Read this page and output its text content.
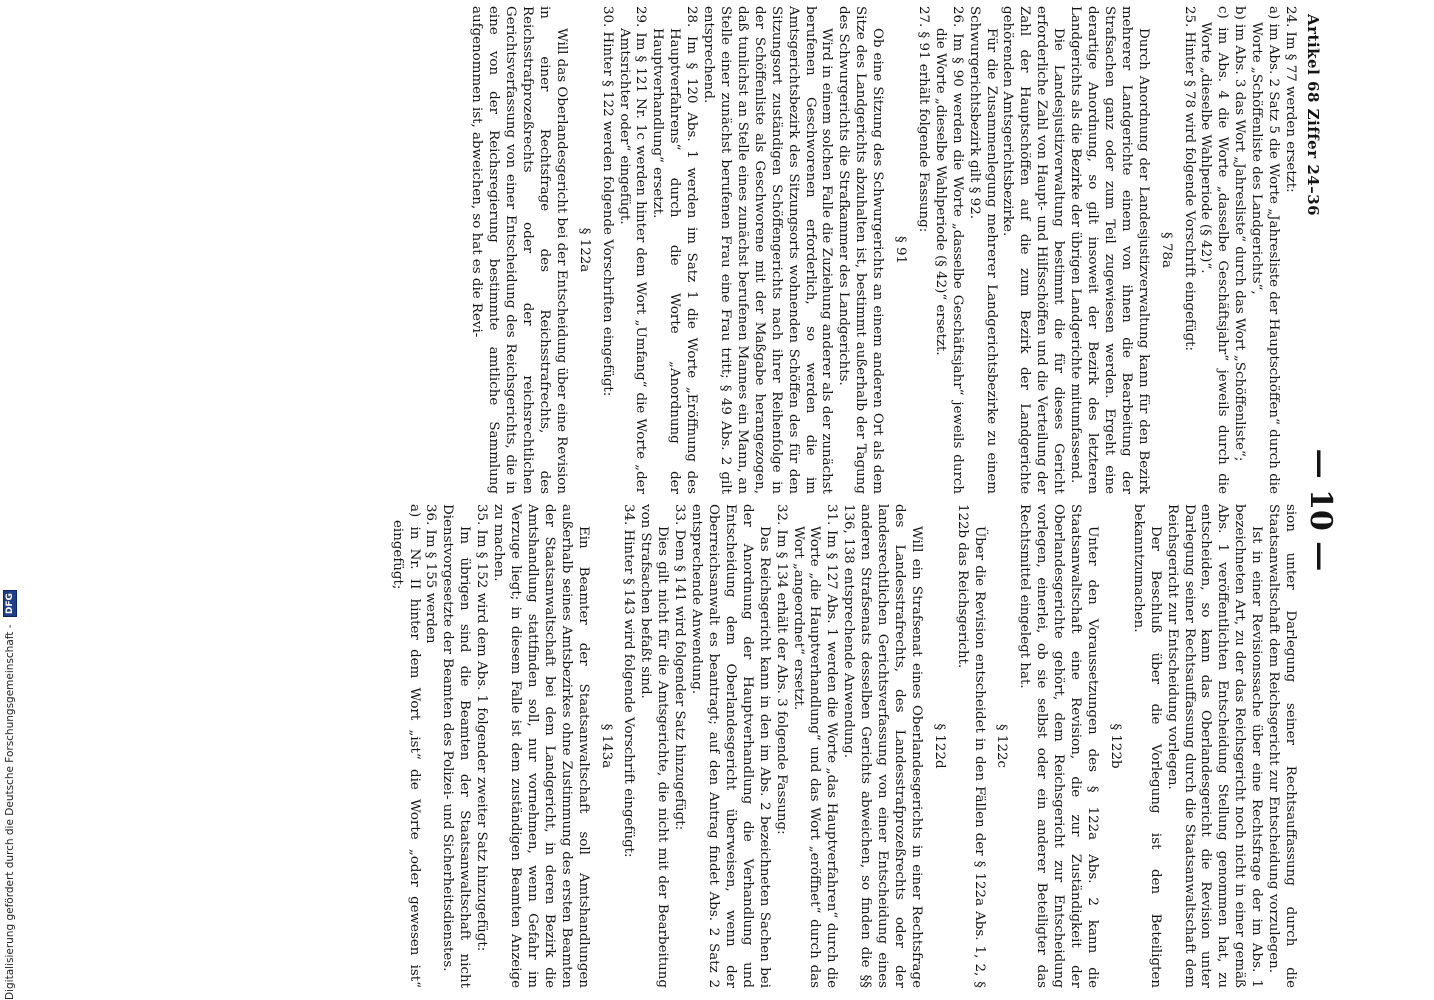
Artikel 68 Ziffer 24–36
— 10 —

24. Im § 77 werden ersetzt:

a) im Abs. 2 Satz 5 die Worte „Jahresliste der Hauptschöffen“ durch die Worte „Schöffenliste des Landgerichts“,

b) im Abs. 3 das Wort „Jahresliste“ durch das Wort „Schöffenliste“;

c) im Abs. 4 die Worte „dasselbe Geschäftsjahr“ jeweils durch die Worte „dieselbe Wahlperiode (§ 42)“.

25. Hinter § 78 wird folgende Vorschrift eingefügt:

§ 78a

Durch Anordnung der Landesjustizverwaltung kann für den Bezirk mehrerer Landgerichte einem von ihnen die Bearbeitung der Strafsachen ganz oder zum Teil zugewiesen werden. Ergeht eine derartige Anordnung, so gilt insoweit der Bezirk des letzteren Landgerichts als die Bezirke der übrigen Landgerichte mitumfassend.

Die Landesjustizverwaltung bestimmt die für dieses Gericht erforderliche Zahl von Haupt- und Hilfsschöffen und die Verteilung der Zahl der Hauptschöffen auf die zum Bezirk der Landgerichte gehörenden Amtsgerichtsbezirke.

Für die Zusammenlegung mehrerer Landgerichtsbezirke zu einem Schwurgerichtsbezirk gilt § 92.

26. Im § 90 werden die Worte „dasselbe Geschäftsjahr“ jeweils durch die Worte „dieselbe Wahlperiode (§ 42)“ ersetzt.

27. § 91 erhält folgende Fassung:

§ 91

Ob eine Sitzung des Schwurgerichts an einem anderen Ort als dem Sitze des Landgerichts abzuhalten ist, bestimmt außerhalb der Tagung des Schwurgerichts die Strafkammer des Landgerichts.

Wird in einem solchen Falle die Zuziehung anderer als der zunächst berufenen Geschworenen erforderlich, so werden die im Amtsgerichtsbezirk des Sitzungsorts wohnenden Schöffen des für den Sitzungsort zuständigen Schöffengerichts nach ihrer Reihenfolge in der Schöffenliste als Geschworene mit der Maßgabe herangezogen, daß tunlichst an Stelle eines zunächst berufenen Mannes ein Mann, an Stelle einer zunächst berufenen Frau eine Frau tritt; § 49 Abs. 2 gilt entsprechend.

28. Im § 120 Abs. 1 werden im Satz 1 die Worte „Eröffnung des Hauptverfahrens“ durch die Worte „Anordnung der Hauptverhandlung“ ersetzt.

29. Im § 121 Nr. 1c werden hinter dem Wort „Umfang“ die Worte „der Amtsrichter oder“ eingefügt.

30. Hinter § 122 werden folgende Vorschriften eingefügt:

§ 122a

Will das Oberlandesgericht bei der Entscheidung über eine Revision in einer Rechtsfrage des Reichsstrafrechts, des Reichsstrafprozeßrechts oder der reichsrechtlichen Gerichtsverfassung von einer Entscheidung des Reichsgerichts, die in eine von der Reichsregierung bestimmte amtliche Sammlung aufgenommen ist, abweichen, so hat es die Revi-

sion unter Darlegung seiner Rechtsauffassung durch die Staatsanwaltschaft dem Reichsgericht zur Entscheidung vorzulegen.

Ist in einer Revisionssache über eine Rechtsfrage der im Abs. 1 bezeichneten Art, zu der das Reichsgericht noch nicht in einer gemäß Abs. 1 veröffentlichten Entscheidung Stellung genommen hat, zu entscheiden, so kann das Oberlandesgericht die Revision unter Darlegung seiner Rechtsauffassung durch die Staatsanwaltschaft dem Reichsgericht zur Entscheidung vorlegen.

Der Beschluß über die Vorlegung ist den Beteiligten bekanntzumachen.

§ 122b

Unter den Voraussetzungen des § 122a Abs. 2 kann die Staatsanwaltschaft eine Revision, die zur Zuständigkeit der Oberlandesgerichte gehört, dem Reichsgericht zur Entscheidung vorlegen, einerlei, ob sie selbst oder ein anderer Beteiligter das Rechtsmittel eingelegt hat.

§ 122c

Über die Revision entscheidet in den Fällen der § 122a Abs. 1, 2, § 122b das Reichsgericht.

§ 122d

Will ein Strafsenat eines Oberlandesgerichts in einer Rechtsfrage des Landesstrafrechts, des Landesstrafprozeßrechts oder der landesrechtlichen Gerichtsverfassung von einer Entscheidung eines anderen Strafsenats desselben Gerichts abweichen, so finden die §§ 136, 138 entsprechende Anwendung.

31. Im § 127 Abs. 1 werden die Worte „das Hauptverfahren“ durch die Worte „die Hauptverhandlung“ und das Wort „eröffnet“ durch das Wort „angeordnet“ ersetzt.

32. Im § 134 erhält der Abs. 3 folgende Fassung:

Das Reichsgericht kann in den im Abs. 2 bezeichneten Sachen bei der Anordnung der Hauptverhandlung die Verhandlung und Entscheidung dem Oberlandesgericht überweisen, wenn der Oberreichsanwalt es beantragt; auf den Antrag findet Abs. 2 Satz 2 entsprechende Anwendung.

33. Dem § 141 wird folgender Satz hinzugefügt:

Dies gilt nicht für die Amtsgerichte, die nicht mit der Bearbeitung von Strafsachen befaßt sind.

34. Hinter § 143 wird folgende Vorschrift eingefügt:

§ 143a

Ein Beamter der Staatsanwaltschaft soll Amtshandlungen außerhalb seines Amtsbezirkes ohne Zustimmung des ersten Beamten der Staatsanwaltschaft bei dem Landgericht, in deren Bezirk die Amtshandlung stattfinden soll, nur vornehmen, wenn Gefahr im Verzuge liegt; in diesem Falle ist dem zuständigen Beamten Anzeige zu machen.

35. Im § 152 wird dem Abs. 1 folgender zweiter Satz hinzugefügt:

Im übrigen sind die Beamten der Staatsanwaltschaft nicht Dienstvorgesetzte der Beamten des Polizei- und Sicherheitsdienstes.

36. Im § 155 werden

a) in Nr. II hinter dem Wort „ist“ die Worte „oder gewesen ist“ eingefügt;

Digitalisierung gefördert durch die Deutsche Forschungsgemeinschaft - DFG
